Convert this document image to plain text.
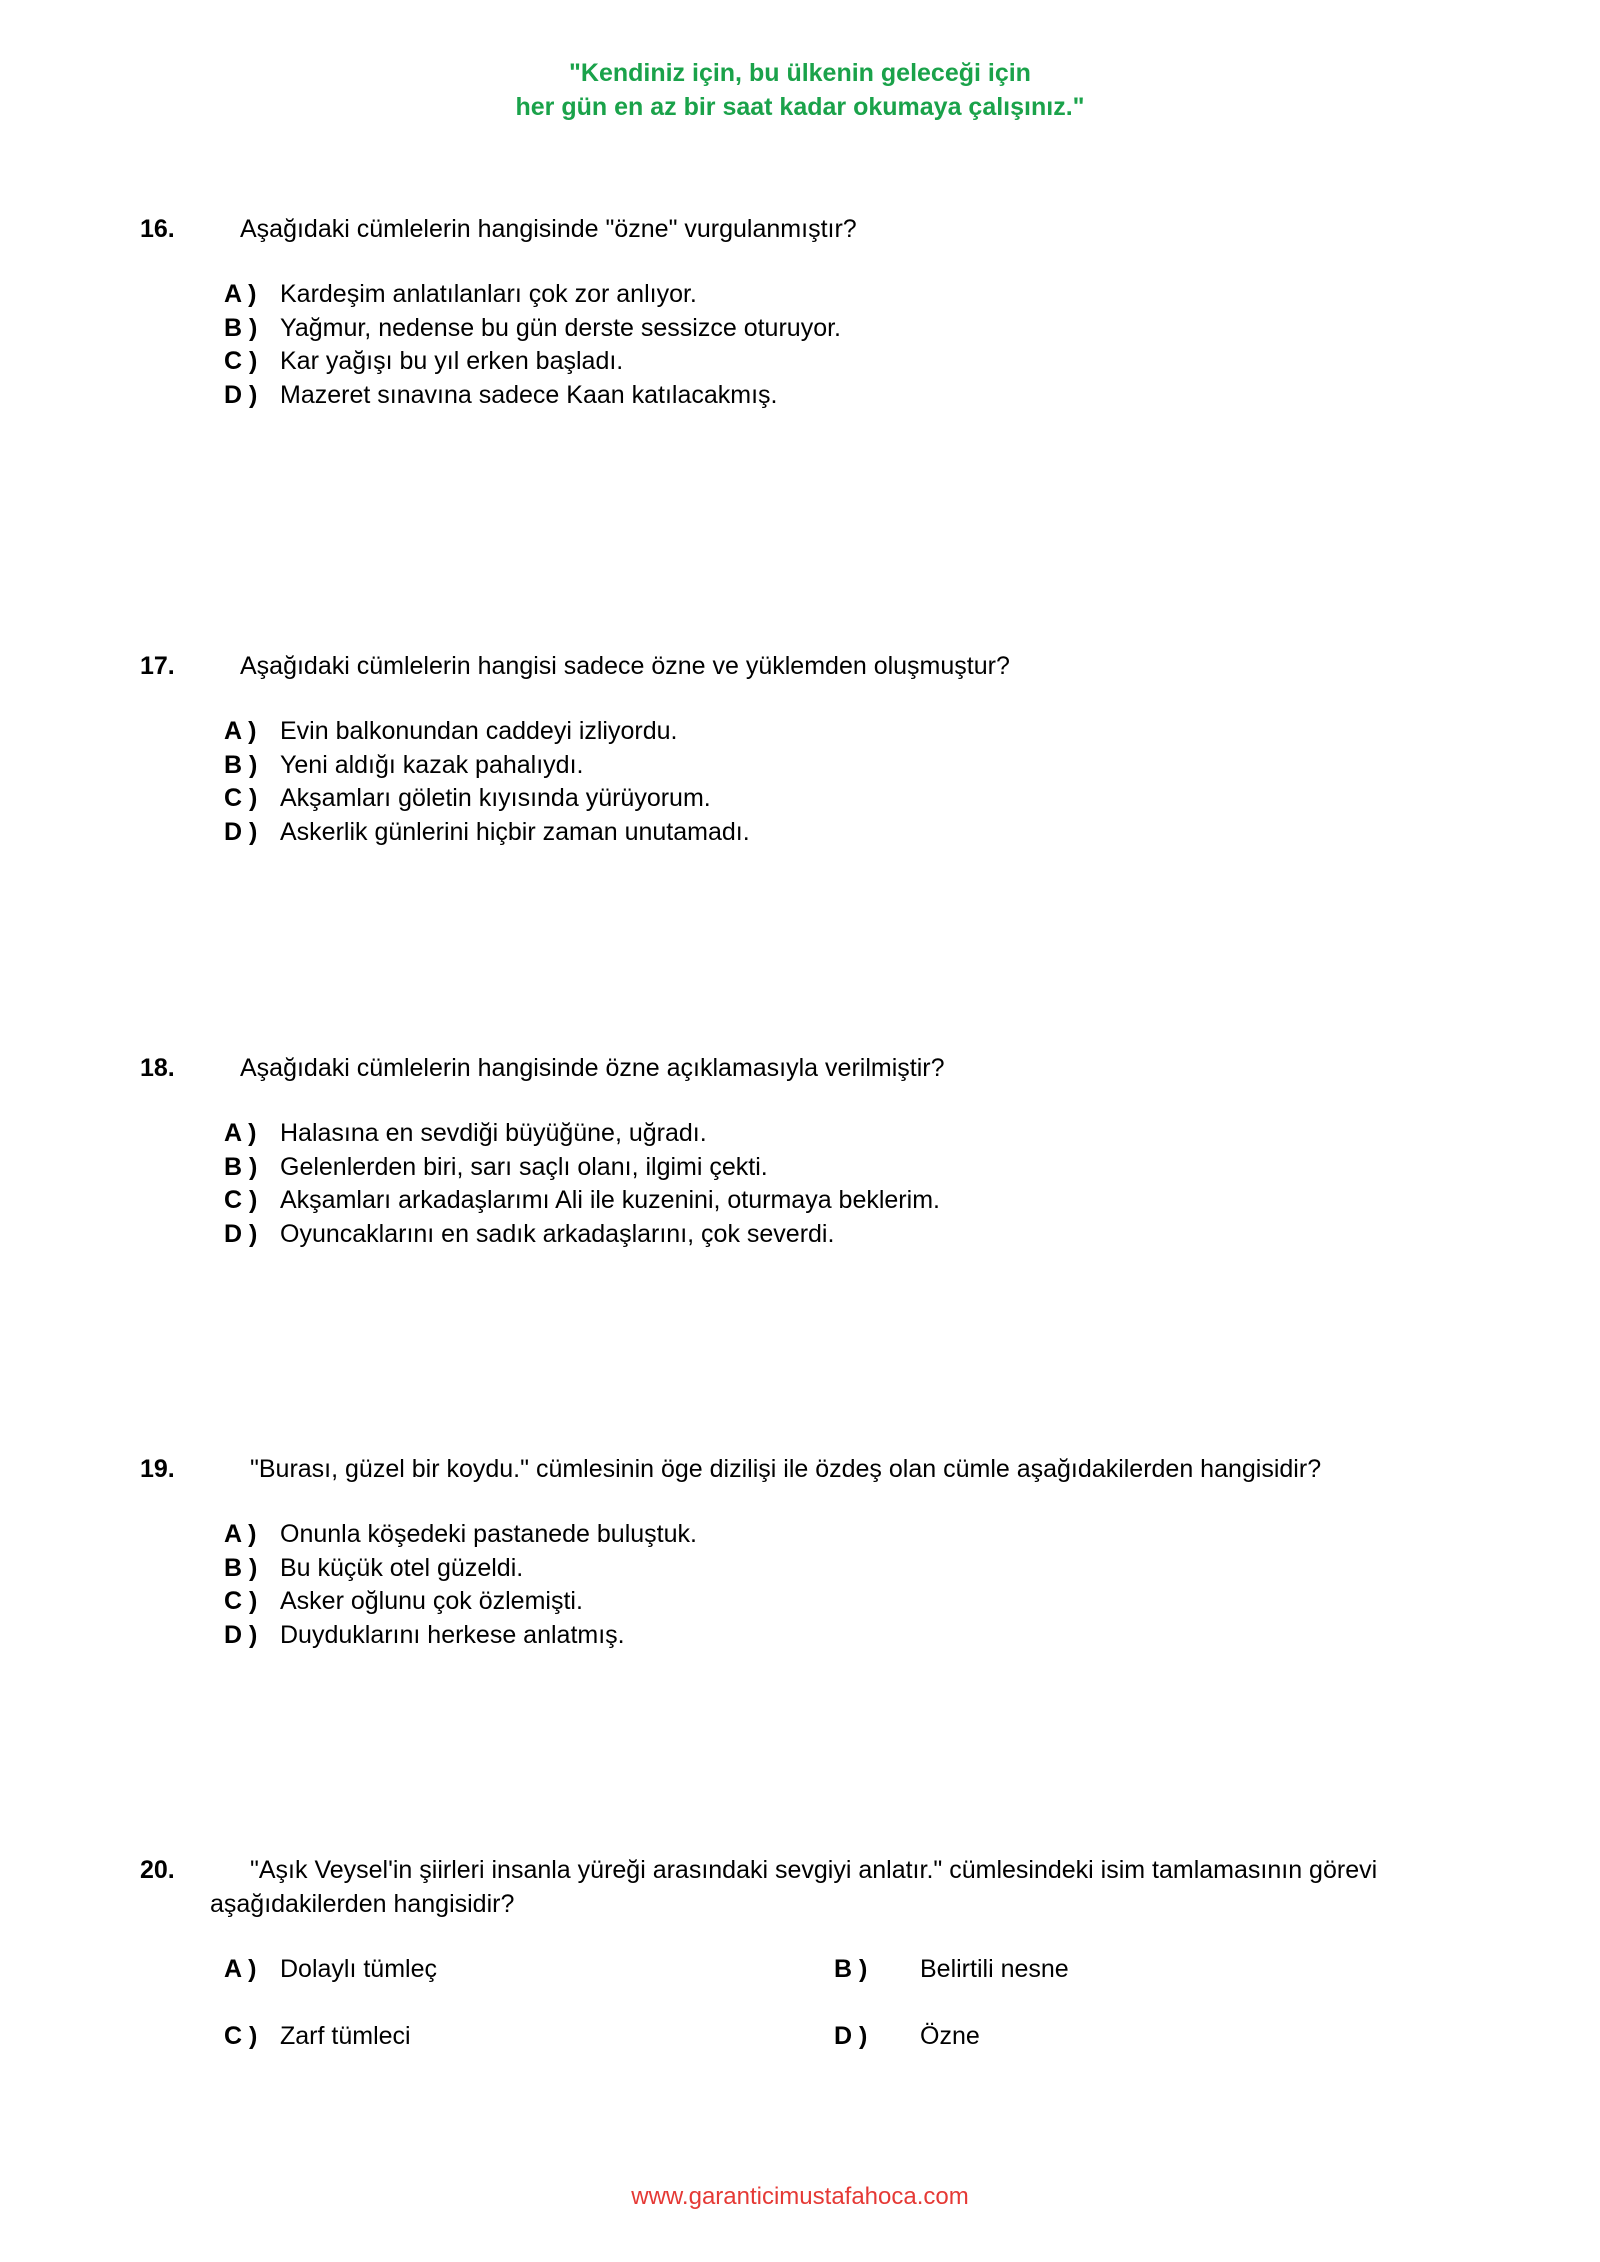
"Kendiniz için, bu ülkenin geleceği için
her gün en az bir saat kadar okumaya çalışınız."
16.	Aşağıdaki cümlelerin hangisinde "özne" vurgulanmıştır?
A ) Kardeşim anlatılanları çok zor anlıyor.
B ) Yağmur, nedense bu gün derste sessizce oturuyor.
C ) Kar yağışı bu yıl erken başladı.
D ) Mazeret sınavına sadece Kaan katılacakmış.
17.	Aşağıdaki cümlelerin hangisi sadece özne ve yüklemden oluşmuştur?
A ) Evin balkonundan caddeyi izliyordu.
B ) Yeni aldığı kazak pahalıydı.
C ) Akşamları göletin kıyısında yürüyorum.
D ) Askerlik günlerini hiçbir zaman unutamadı.
18.	Aşağıdaki cümlelerin hangisinde özne açıklamasıyla verilmiştir?
A ) Halasına en sevdiği büyüğüne, uğradı.
B ) Gelenlerden biri, sarı saçlı olanı, ilgimi çekti.
C ) Akşamları arkadaşlarımı Ali ile kuzenini, oturmaya beklerim.
D ) Oyuncaklarını en sadık arkadaşlarını, çok severdi.
19.	"Burası, güzel bir koydu." cümlesinin öge dizilişi ile özdeş olan cümle aşağıdakilerden hangisidir?
A ) Onunla köşedeki pastanede buluştuk.
B ) Bu küçük otel güzeldi.
C ) Asker oğlunu çok özlemişti.
D ) Duyduklarını herkese anlatmış.
20.	"Aşık Veysel'in şiirleri insanla yüreği arasındaki sevgiyi anlatır." cümlesindeki isim tamlamasının görevi aşağıdakilerden hangisidir?
A ) Dolaylı tümleç	B )	Belirtili nesne
C ) Zarf tümleci	D )	Özne
www.garanticimustafahoca.com
